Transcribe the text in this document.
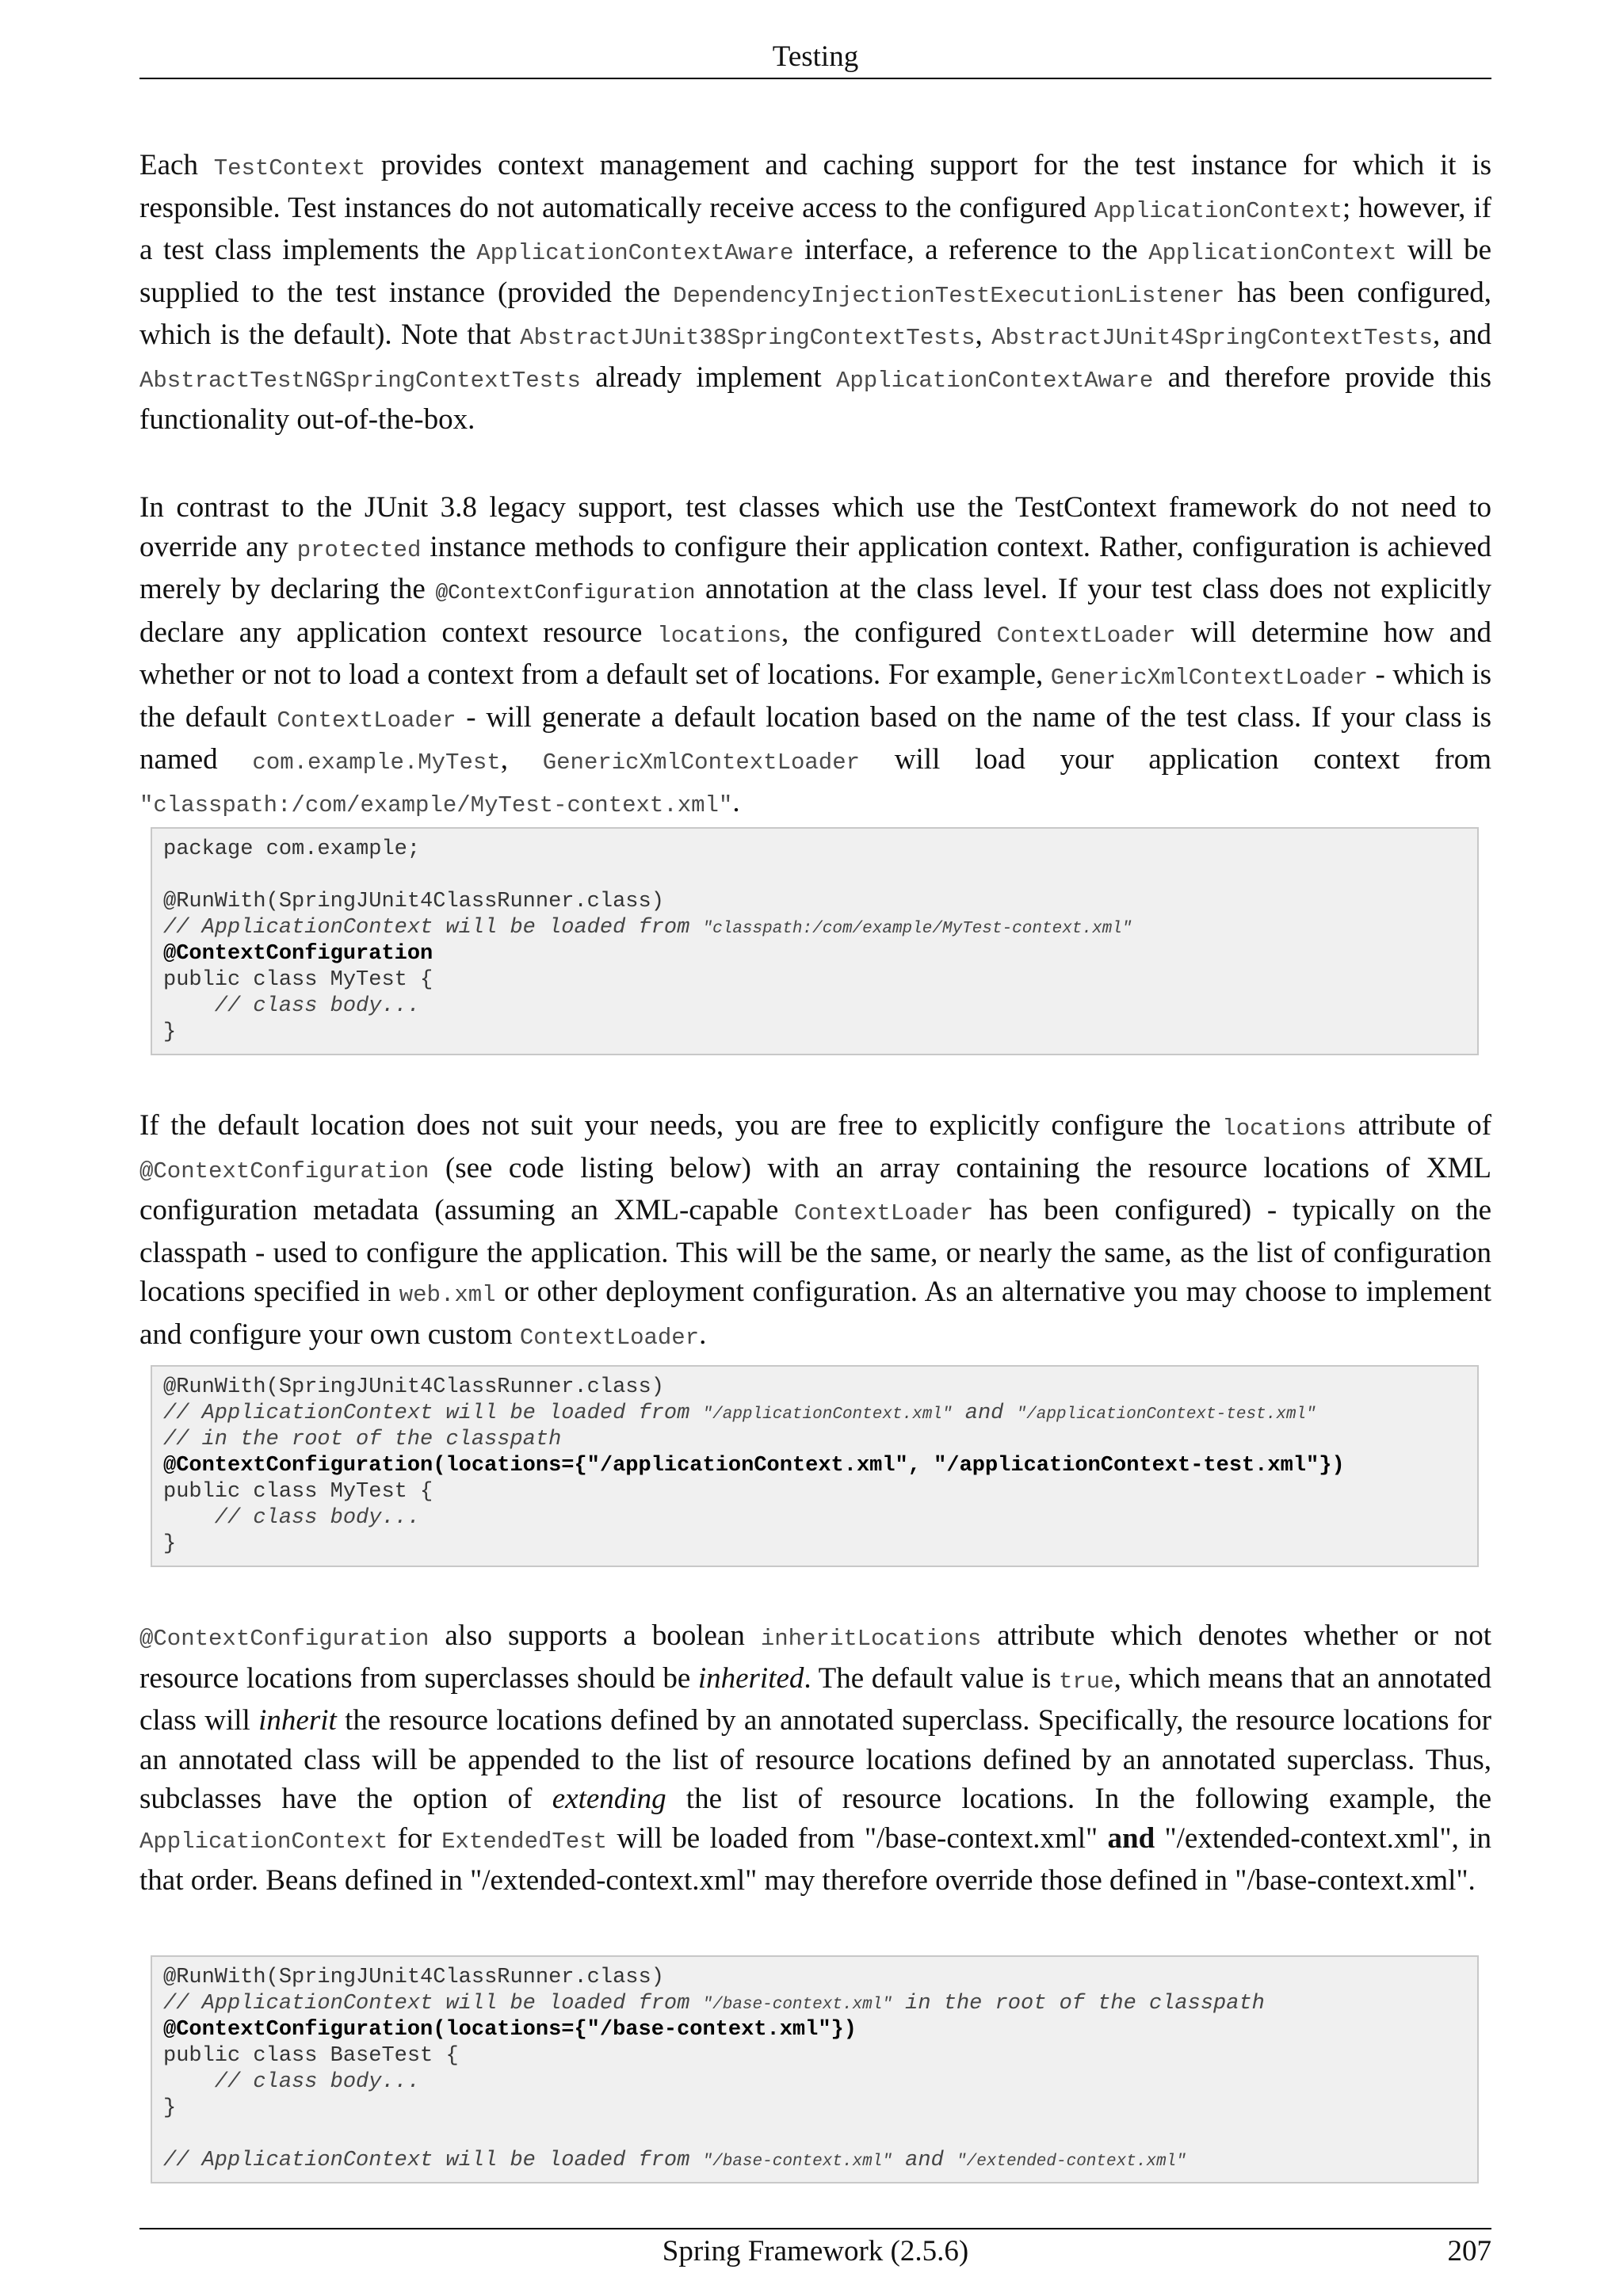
Testing

Each TestContext provides context management and caching support for the test instance for which it is responsible. Test instances do not automatically receive access to the configured ApplicationContext; however, if a test class implements the ApplicationContextAware interface, a reference to the ApplicationContext will be supplied to the test instance (provided the DependencyInjectionTestExecutionListener has been configured, which is the default). Note that AbstractJUnit38SpringContextTests, AbstractJUnit4SpringContextTests, and AbstractTestNGSpringContextTests already implement ApplicationContextAware and therefore provide this functionality out-of-the-box.

In contrast to the JUnit 3.8 legacy support, test classes which use the TestContext framework do not need to override any protected instance methods to configure their application context. Rather, configuration is achieved merely by declaring the @ContextConfiguration annotation at the class level. If your test class does not explicitly declare any application context resource locations, the configured ContextLoader will determine how and whether or not to load a context from a default set of locations. For example, GenericXmlContextLoader - which is the default ContextLoader - will generate a default location based on the name of the test class. If your class is named com.example.MyTest, GenericXmlContextLoader will load your application context from "classpath:/com/example/MyTest-context.xml".

package com.example;
@RunWith(SpringJUnit4ClassRunner.class)
// ApplicationContext will be loaded from "classpath:/com/example/MyTest-context.xml"
@ContextConfiguration
public class MyTest {
// class body...
}

If the default location does not suit your needs, you are free to explicitly configure the locations attribute of @ContextConfiguration (see code listing below) with an array containing the resource locations of XML configuration metadata (assuming an XML-capable ContextLoader has been configured) - typically on the classpath - used to configure the application. This will be the same, or nearly the same, as the list of configuration locations specified in web.xml or other deployment configuration. As an alternative you may choose to implement and configure your own custom ContextLoader.

@RunWith(SpringJUnit4ClassRunner.class)
// ApplicationContext will be loaded from "/applicationContext.xml" and "/applicationContext-test.xml"
// in the root of the classpath
@ContextConfiguration(locations={"/applicationContext.xml", "/applicationContext-test.xml"})
public class MyTest {
// class body...
}

@ContextConfiguration also supports a boolean inheritLocations attribute which denotes whether or not resource locations from superclasses should be inherited. The default value is true, which means that an annotated class will inherit the resource locations defined by an annotated superclass. Specifically, the resource locations for an annotated class will be appended to the list of resource locations defined by an annotated superclass. Thus, subclasses have the option of extending the list of resource locations. In the following example, the ApplicationContext for ExtendedTest will be loaded from "/base-context.xml" and "/extended-context.xml", in that order. Beans defined in "/extended-context.xml" may therefore override those defined in "/base-context.xml".

@RunWith(SpringJUnit4ClassRunner.class)
// ApplicationContext will be loaded from "/base-context.xml" in the root of the classpath
@ContextConfiguration(locations={"/base-context.xml"})
public class BaseTest {
// class body...
}
// ApplicationContext will be loaded from "/base-context.xml" and "/extended-context.xml"
Spring Framework (2.5.6)	207
